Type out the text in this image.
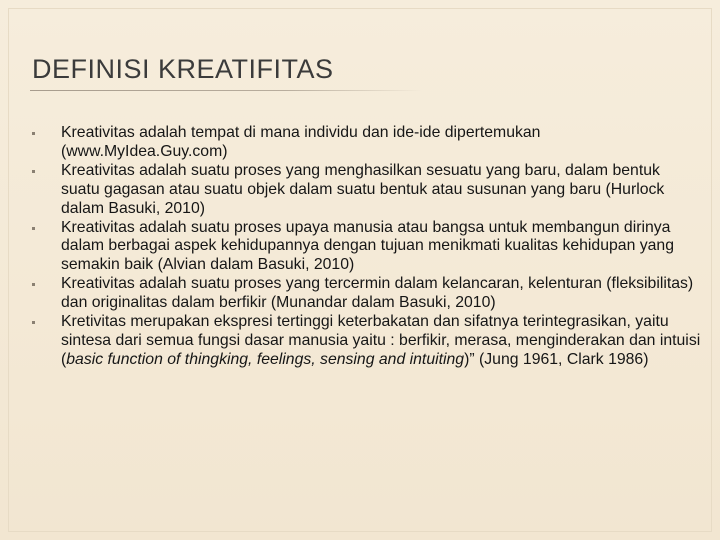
DEFINISI KREATIFITAS
Kreativitas adalah tempat di mana individu dan ide-ide dipertemukan (www.MyIdea.Guy.com)
Kreativitas adalah suatu proses yang menghasilkan sesuatu yang baru, dalam bentuk suatu gagasan atau suatu objek dalam suatu bentuk atau susunan yang baru (Hurlock dalam Basuki, 2010)
Kreativitas adalah suatu proses upaya manusia atau bangsa untuk membangun dirinya dalam berbagai aspek kehidupannya dengan tujuan menikmati kualitas kehidupan yang semakin baik (Alvian dalam Basuki, 2010)
Kreativitas adalah suatu proses yang tercermin dalam kelancaran, kelenturan (fleksibilitas) dan originalitas dalam berfikir (Munandar dalam Basuki, 2010)
Kretivitas merupakan ekspresi tertinggi keterbakatan dan sifatnya terintegrasikan, yaitu sintesa dari semua fungsi dasar manusia yaitu : berfikir, merasa, menginderakan dan intuisi (basic function of thingking, feelings, sensing and intuiting)” (Jung 1961, Clark 1986)
